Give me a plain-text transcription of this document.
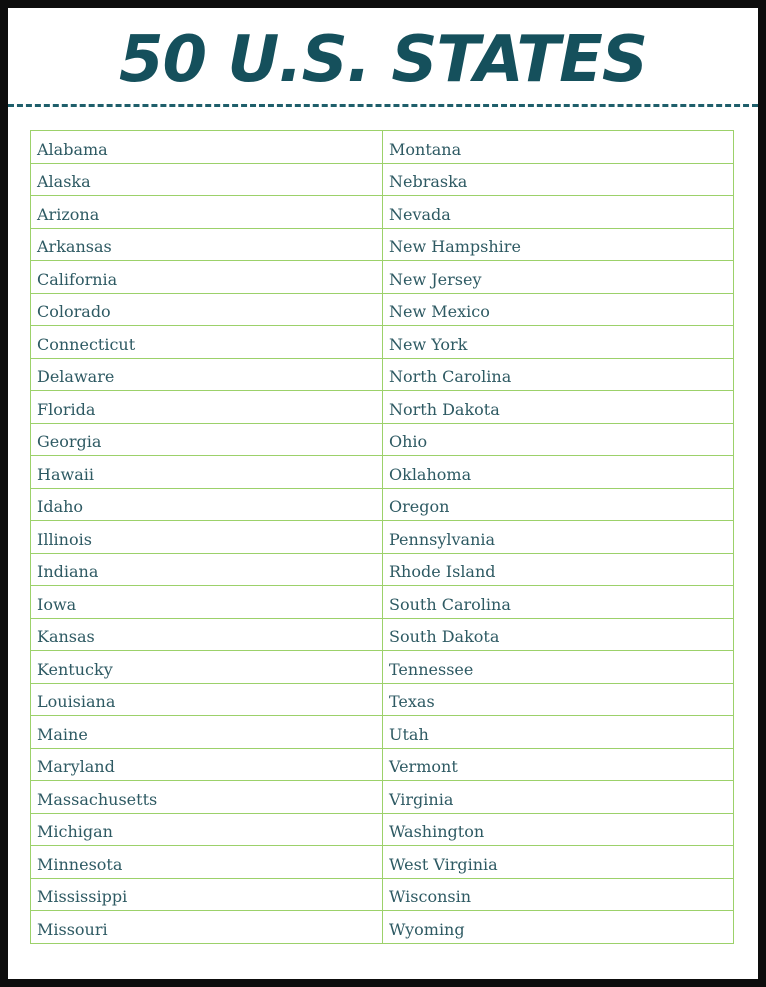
50 U.S. STATES
Alabama	Montana
Alaska	Nebraska
Arizona	Nevada
Arkansas	New Hampshire
California	New Jersey
Colorado	New Mexico
Connecticut	New York
Delaware	North Carolina
Florida	North Dakota
Georgia	Ohio
Hawaii	Oklahoma
Idaho	Oregon
Illinois	Pennsylvania
Indiana	Rhode Island
Iowa	South Carolina
Kansas	South Dakota
Kentucky	Tennessee
Louisiana	Texas
Maine	Utah
Maryland	Vermont
Massachusetts	Virginia
Michigan	Washington
Minnesota	West Virginia
Mississippi	Wisconsin
Missouri	Wyoming
